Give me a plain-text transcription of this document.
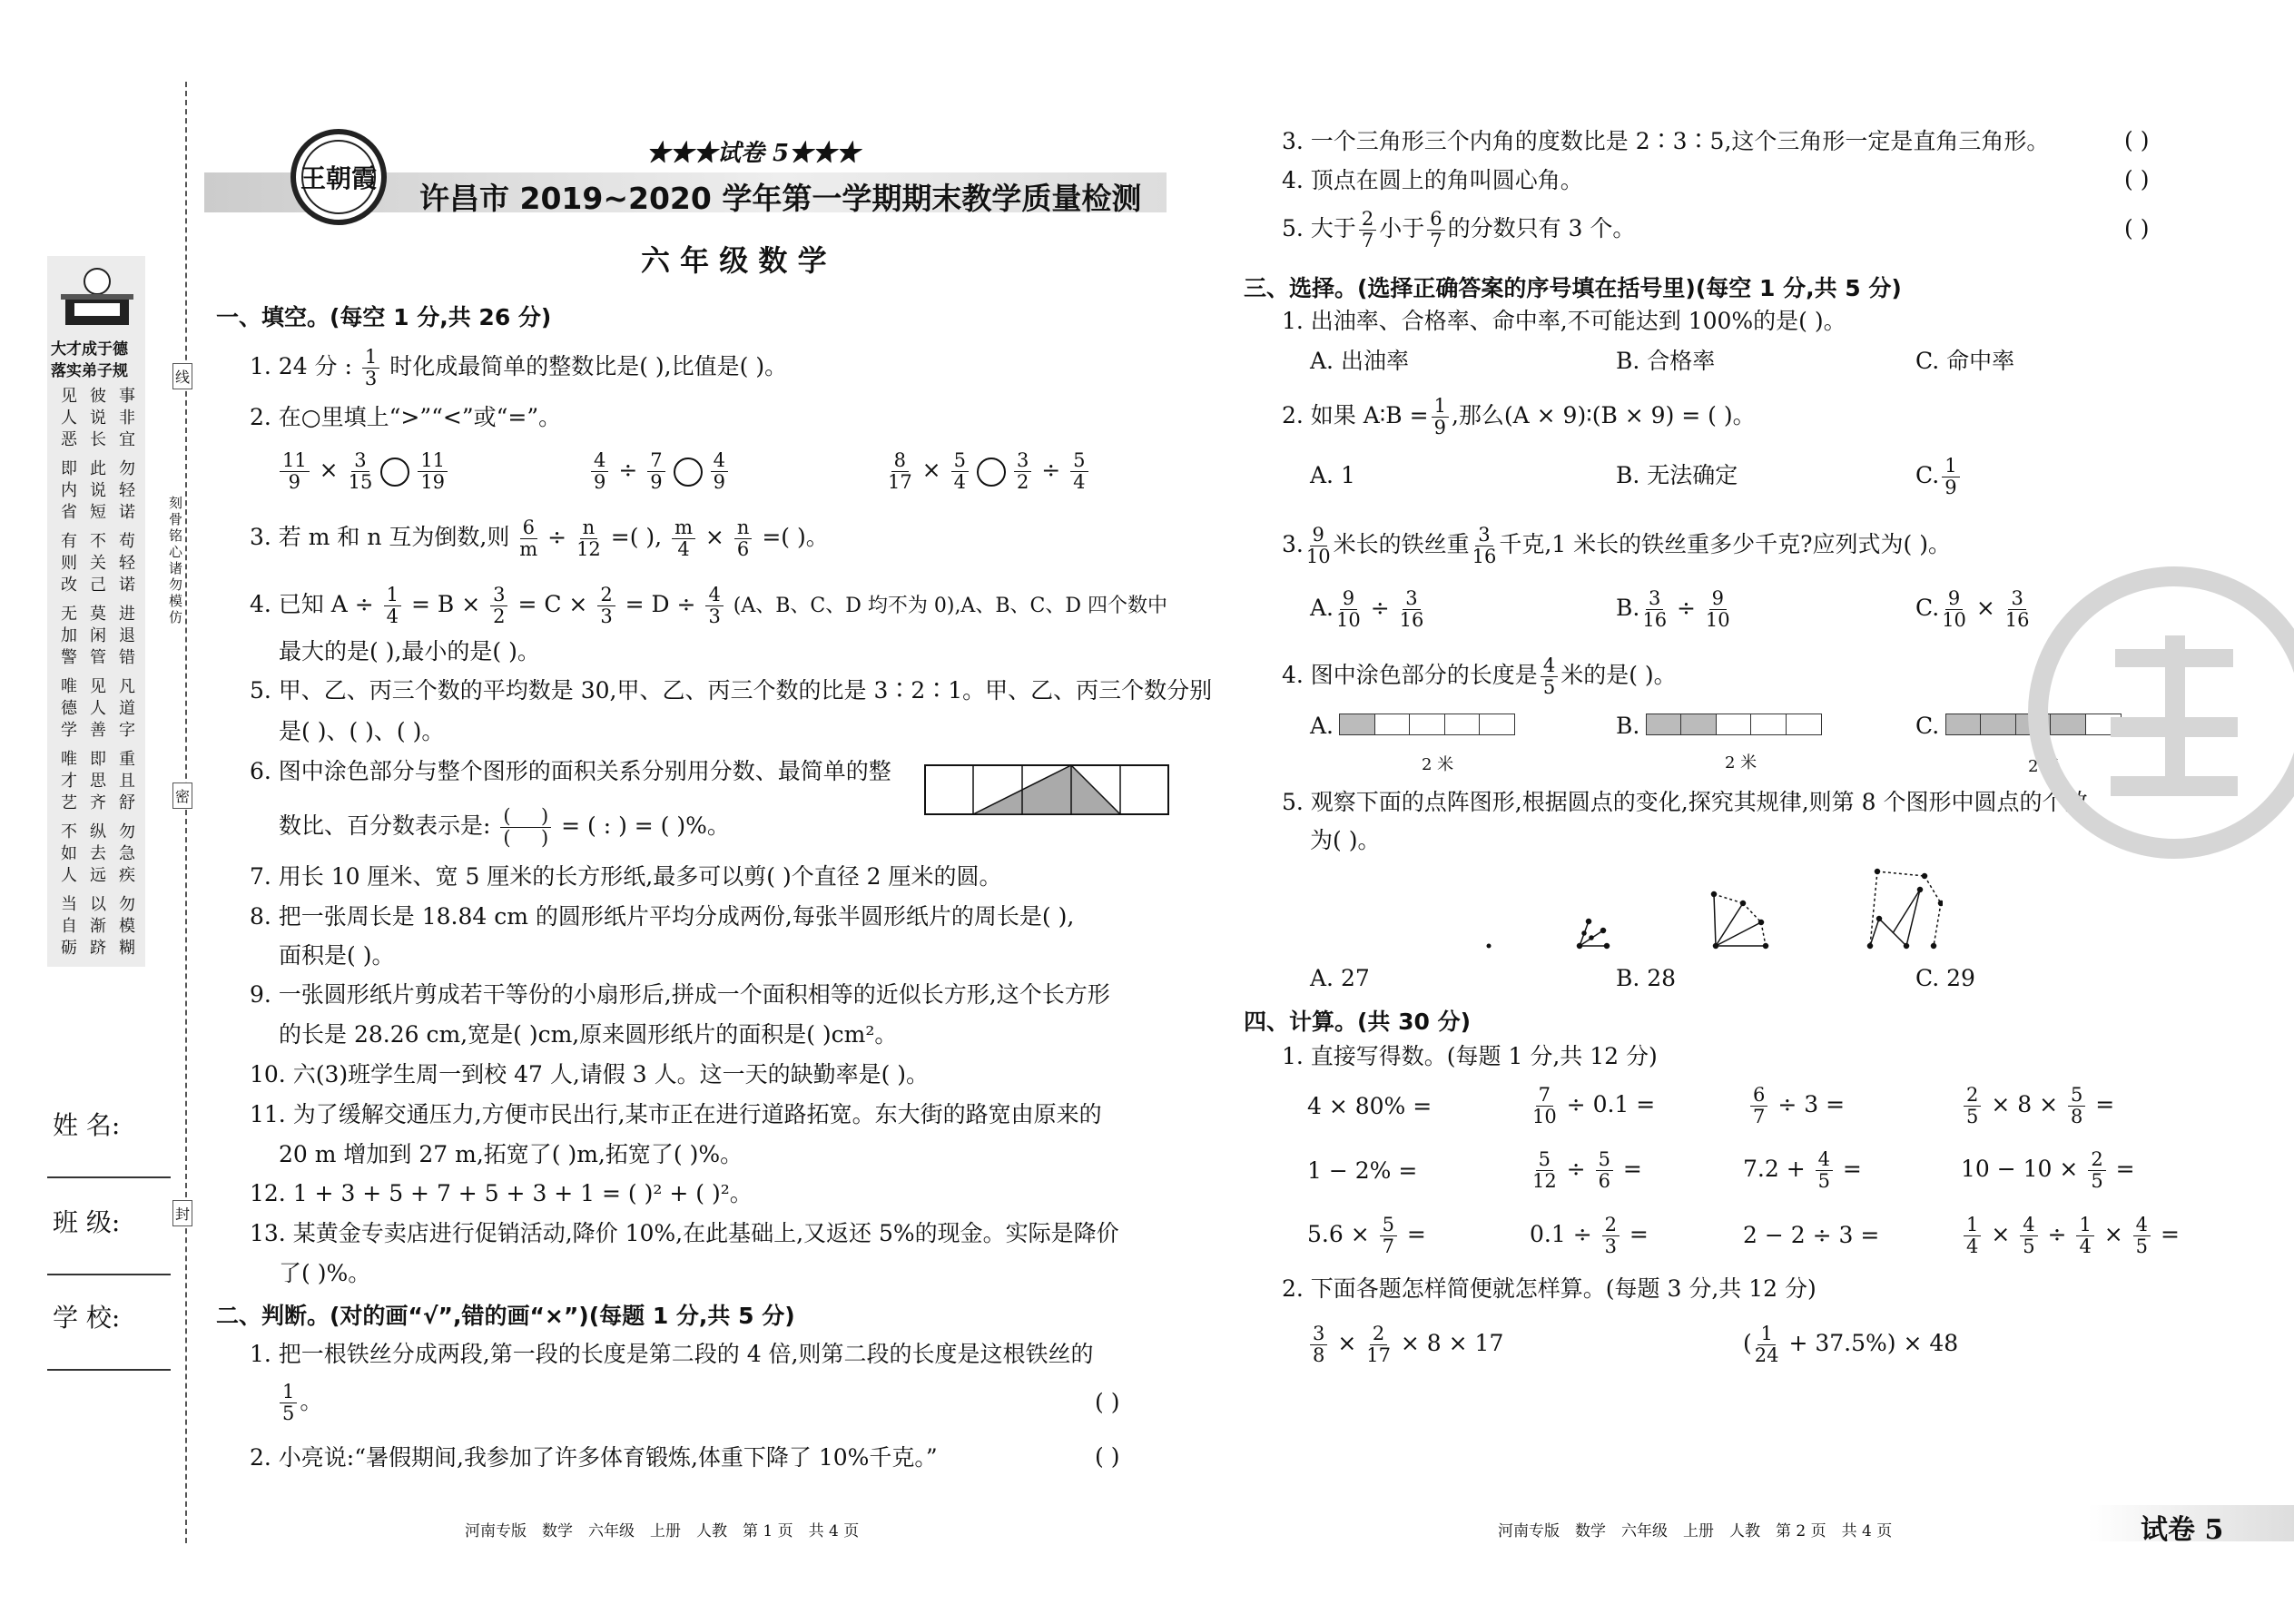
线
密
封
刻骨铭心 诸勿模仿
大才成于德
落实弟子规
见人恶
彼说长
事非宜
即内省
此说短
勿轻诺
有则改
不关己
苟轻诺
无加警
莫闲管
进退错
唯德学
见人善
凡道字
唯才艺
即思齐
重且舒
不如人
纵去远
勿急疾
当自砺
以渐跻
勿模糊
姓 名:
班 级:
学 校:
王朝霞
★★★试卷 5★★★
许昌市 2019~2020 学年第一学期期末教学质量检测
六 年 级 数 学
一、填空。(每空 1 分,共 26 分)
1. 24 分 : $\frac{1}{3}$ 时化成最简单的整数比是( ),比值是( )。
2. 在○里填上“>”“<”或“=”。
$\frac{11}{9} \times \frac{3}{15} \frac{11}{19}$	$\frac{4}{9} \div \frac{7}{9} \frac{4}{9}$	$\frac{8}{17} \times \frac{5}{4} \frac{3}{2} \div \frac{5}{4}$
3. 若 m 和 n 互为倒数,则 $\frac{6}{m} \div \frac{n}{12}$ =( ), $\frac{m}{4} \times \frac{n}{6}$ =( )。
4. 已知 $A \div \frac{1}{4} = B \times \frac{3}{2} = C \times \frac{2}{3} = D \div \frac{4}{3} (A$、B、C、D 均不为 0),A、B、C、D 四个数中
最大的是( ),最小的是( )。
5. 甲、乙、丙三个数的平均数是 30,甲、乙、丙三个数的比是 3∶2∶1。甲、乙、丙三个数分别
是( )、( )、( )。
6. 图中涂色部分与整个图形的面积关系分别用分数、最简单的整
数比、百分数表示是: (     )
(     ) = ( : ) = ( )%。
7. 用长 10 厘米、宽 5 厘米的长方形纸,最多可以剪( )个直径 2 厘米的圆。
8. 把一张周长是 18.84 cm 的圆形纸片平均分成两份,每张半圆形纸片的周长是( ),
面积是( )。
9. 一张圆形纸片剪成若干等份的小扇形后,拼成一个面积相等的近似长方形,这个长方形
的长是 28.26 cm,宽是( )cm,原来圆形纸片的面积是( )cm²。
10. 六(3)班学生周一到校 47 人,请假 3 人。这一天的缺勤率是( )。
11. 为了缓解交通压力,方便市民出行,某市正在进行道路拓宽。东大街的路宽由原来的
20 m 增加到 27 m,拓宽了( )m,拓宽了( )%。
12. 1 + 3 + 5 + 7 + 5 + 3 + 1 = ( )² + ( )²。
13. 某黄金专卖店进行促销活动,降价 10%,在此基础上,又返还 5%的现金。实际是降价
了( )%。
二、判断。(对的画“√”,错的画“×”)(每题 1 分,共 5 分)
1. 把一根铁丝分成两段,第一段的长度是第二段的 4 倍,则第二段的长度是这根铁丝的
$\frac{1}{5}$ 。	( )
2. 小亮说:“暑假期间,我参加了许多体育锻炼,体重下降了 10%千克。”	( )
3. 一个三角形三个内角的度数比是 2∶3∶5,这个三角形一定是直角三角形。	( )
4. 顶点在圆上的角叫圆心角。	( )
5. 大于 $\frac{2}{7}$ 小于 $\frac{6}{7}$ 的分数只有 3 个。	( )
三、选择。(选择正确答案的序号填在括号里)(每空 1 分,共 5 分)
1. 出油率、合格率、命中率,不可能达到 100%的是( )。
A. 出油率	B. 合格率	C. 命中率
2. 如果 A∶B = $\frac{1}{9}$ ,那么(A × 9)∶(B × 9) = ( )。
A. 1	B. 无法确定	C. $\frac{1}{9}$
3. $\frac{9}{10}$ 米长的铁丝重 $\frac{3}{16}$ 千克,1 米长的铁丝重多少千克?应列式为( )。
A. $\frac{9}{10} \div \frac{3}{16}$	B. $\frac{3}{16} \div \frac{9}{10}$	C. $\frac{9}{10} \times \frac{3}{16}$
4. 图中涂色部分的长度是 $\frac{4}{5}$ 米的是( )。
A.
2 米
B.
2 米
C.
2 米
5. 观察下面的点阵图形,根据圆点的变化,探究其规律,则第 8 个图形中圆点的个数
为( )。
A. 27	B. 28	C. 29
四、计算。(共 30 分)
1. 直接写得数。(每题 1 分,共 12 分)
4 × 80% =	$\frac{7}{10} \div 0.1$ =	$\frac{6}{7} \div 3$ =	$\frac{2}{5} \times 8 \times \frac{5}{8}$ =
1 − 2% =	$\frac{5}{12} \div \frac{5}{6}$ =	$7.2 + \frac{4}{5}$ =	$10 - 10 \times \frac{2}{5}$ =
$5.6 \times \frac{5}{7}$ =	$0.1 \div \frac{2}{3}$ =	2 − 2 ÷ 3 =	$\frac{1}{4} \times \frac{4}{5} \div \frac{1}{4} \times \frac{4}{5}$ =
2. 下面各题怎样简便就怎样算。(每题 3 分,共 12 分)
$\frac{3}{8} \times \frac{2}{17} \times 8 \times 17$	( $\frac{1}{24} + 37.5\%) \times 48$
河南专版　数学　六年级　上册　人教　第 1 页　共 4 页	河南专版　数学　六年级　上册　人教　第 2 页　共 4 页	试卷 5
